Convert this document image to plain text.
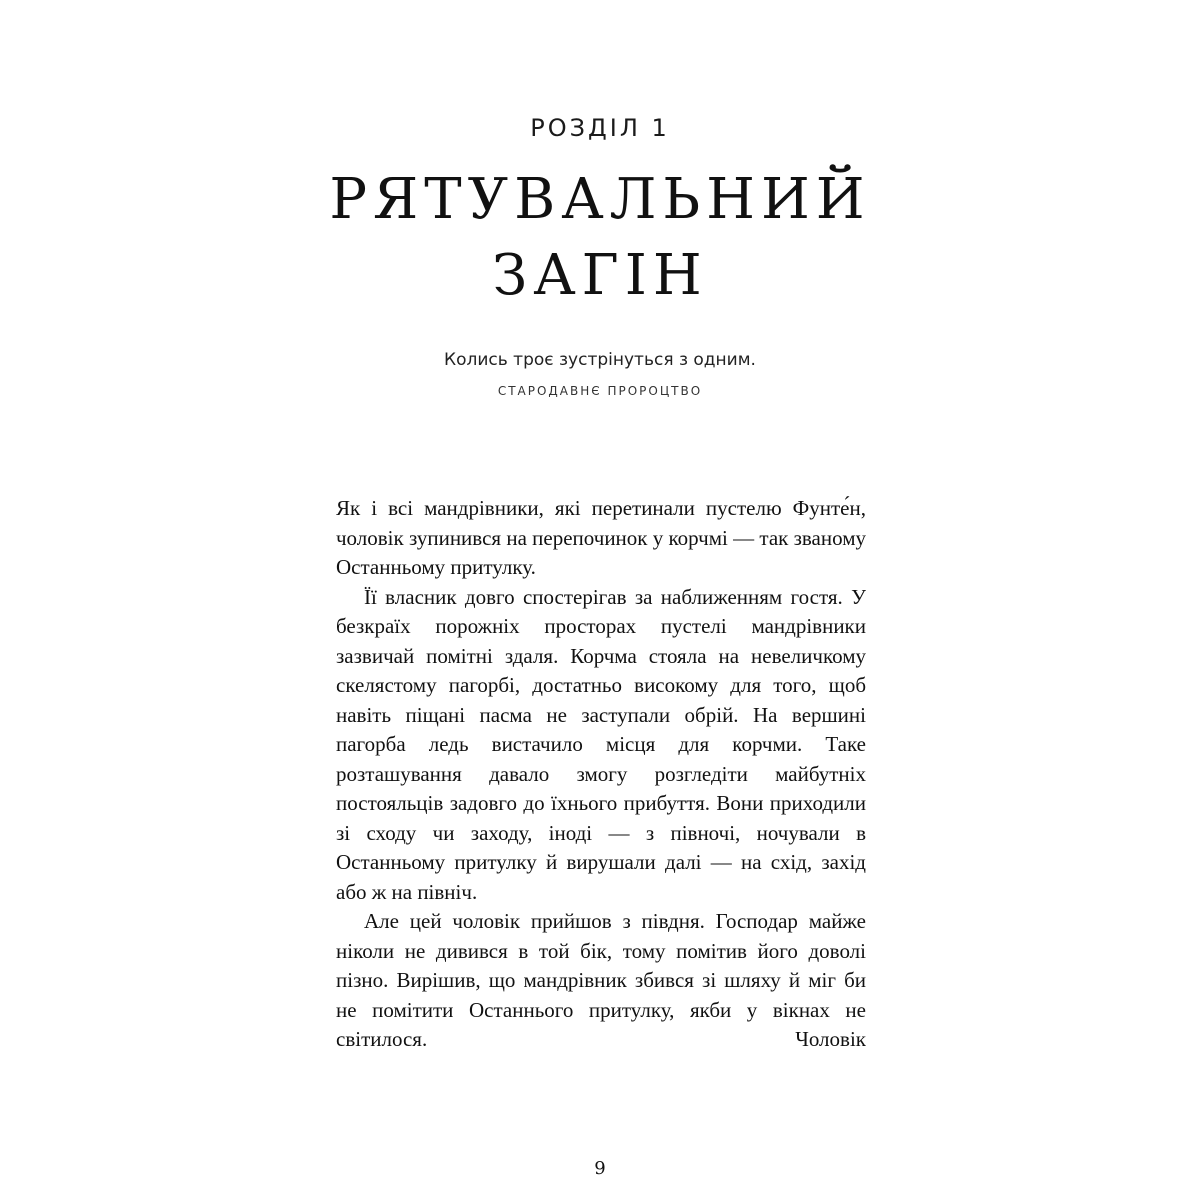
РОЗДІЛ 1
РЯТУВАЛЬНИЙ
ЗАГІН
Колись троє зустрінуться з одним.
СТАРОДАВНЄ ПРОРОЦТВО

Як і всі мандрівники, які перетинали пустелю Фунте́н, чоловік зупинився на перепочинок у корчмі — так званому Останньому притулку.

Її власник довго спостерігав за наближенням гостя. У безкраїх порожніх просторах пустелі мандрівники зазвичай помітні здаля. Корчма стояла на невеличкому скелястому пагорбі, достатньо високому для того, щоб навіть піщані пасма не заступали обрій. На вершині пагорба ледь вистачило місця для корчми. Таке розташування давало змогу розгледіти майбутніх постояльців задовго до їхнього прибуття. Вони приходили зі сходу чи заходу, іноді — з півночі, ночували в Останньому притулку й вирушали далі — на схід, захід або ж на північ.

Але цей чоловік прийшов з півдня. Господар майже ніколи не дивився в той бік, тому помітив його доволі пізно. Вирішив, що мандрівник збився зі шляху й міг би не помітити Останнього притулку, якби у вікнах не світилося. Чоловік

9
